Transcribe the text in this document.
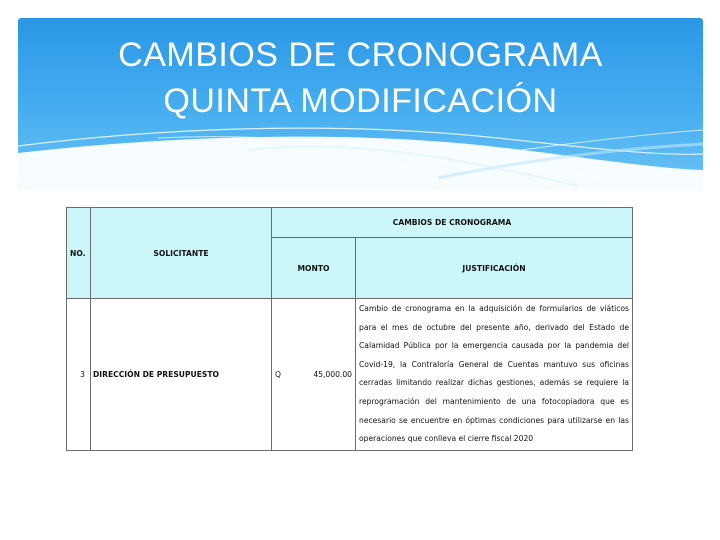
CAMBIOS DE CRONOGRAMA
QUINTA MODIFICACIÓN
NO.	SOLICITANTE	CAMBIOS DE CRONOGRAMA	
		MONTO	JUSTIFICACIÓN
3	DIRECCIÓN DE PRESUPUESTO	Q 45,000.00	Cambio de cronograma en la adquisición de formularios de viáticos para el mes de octubre del presente año, derivado del Estado de Calamidad Pública por la emergencia causada por la pandemia del Covid-19, la Contraloría General de Cuentas mantuvo sus oficinas cerradas limitando realizar dichas gestiones, además se requiere la reprogramación del mantenimiento de una fotocopiadora que es necesario se encuentre en óptimas condiciones para utilizarse en las operaciones que conlleva el cierre fiscal 2020
